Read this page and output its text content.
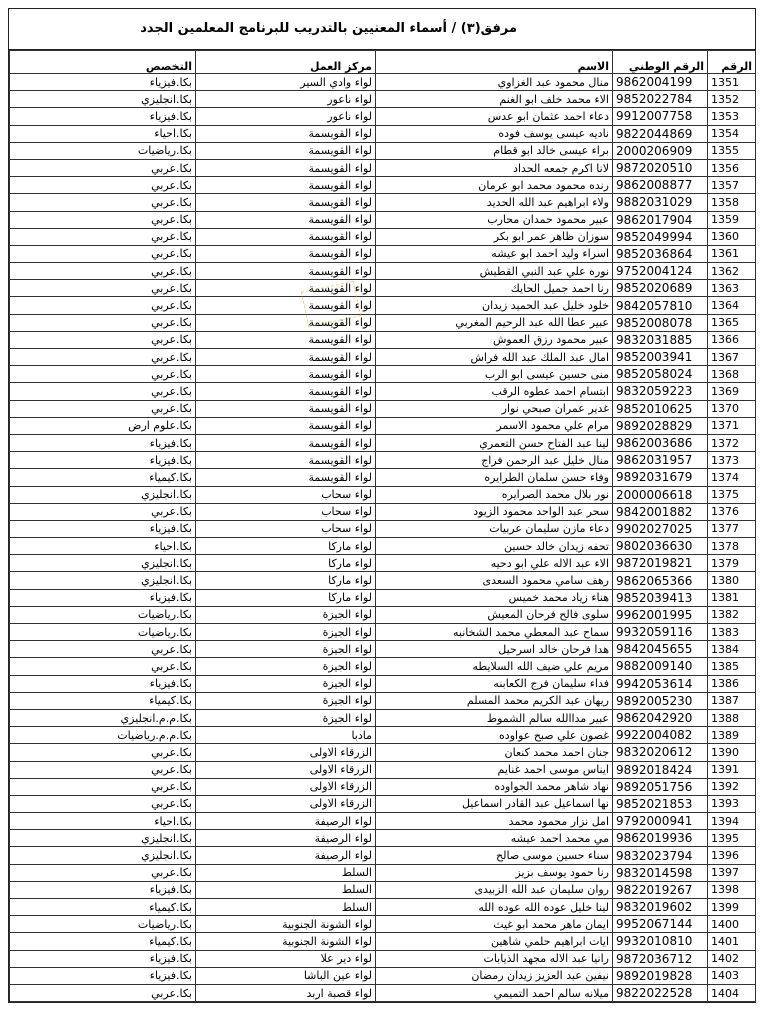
مرفق(٣) / أسماء المعنيين بالتدريب للبرنامج المعلمين الجدد
الرقم	الرقم الوطني	الاسم	مركز العمل	التخصص
1351	9862004199	منال محمود عبد الغزاوي	لواء وادي السير	بكا.فيزياء
1352	9852022784	الاء محمد خلف ابو الغنم	لواء ناعور	بكا.انجليزي
1353	9912007758	دعاء احمد عثمان ابو عدس	لواء ناعور	بكا.فيزياء
1354	9822044869	ناديه عيسى يوسف فوده	لواء القويسمة	بكا.احياء
1355	2000206909	براء عيسى خالد ابو قطام	لواء القويسمة	بكا.رياضيات
1356	9872020510	لانا اكرم جمعه الحداد	لواء القويسمة	بكا.عربي
1357	9862008877	رنده محمود محمد ابو عرمان	لواء القويسمة	بكا.عربي
1358	9882031029	ولاء ابراهيم عبد الله الحديد	لواء القويسمة	بكا.عربي
1359	9862017904	عبير محمود حمدان محارب	لواء القويسمة	بكا.عربي
1360	9852049994	سوزان ظاهر عمر ابو بكر	لواء القويسمة	بكا.عربي
1361	9852036864	اسراء وليد احمد ابو عيشه	لواء القويسمة	بكا.عربي
1362	9752004124	نوره علي عبد النبي القطيش	لواء القويسمة	بكا.عربي
1363	9852020689	رنا احمد جميل الحايك	لواء القويسمة	بكا.عربي
1364	9842057810	خلود خليل عبد الحميد زيدان	لواء القويسمة	بكا.عربي
1365	9852008078	عبير عطا الله عبد الرحيم المغربي	لواء القويسمة	بكا.عربي
1366	9832031885	عبير محمود رزق العموش	لواء القويسمة	بكا.عربي
1367	9852003941	امال عبد الملك عبد الله فراش	لواء القويسمة	بكا.عربي
1368	9852058024	منى حسين عيسى ابو الرب	لواء القويسمة	بكا.عربي
1369	9832059223	ابتسام احمد عطوه الرقب	لواء القويسمة	بكا.عربي
1370	9852010625	غدير عمران صبحي نوار	لواء القويسمة	بكا.عربي
1371	9892028829	مرام علي محمود الاسمر	لواء القويسمة	بكا.علوم ارض
1372	9862003686	لينا عبد الفتاح حسن التعمري	لواء القويسمة	بكا.فيزياء
1373	9862031957	منال خليل عبد الرحمن فراج	لواء القويسمة	بكا.فيزياء
1374	9892031679	وفاء حسن سلمان الطرايره	لواء القويسمة	بكا.كيمياء
1375	2000006618	نور بلال محمد الصرايره	لواء سحاب	بكا.انجليزي
1376	9842001882	سحر عبد الواحد محمود الزيود	لواء سحاب	بكا.عربي
1377	9902027025	دعاء مازن سليمان عربيات	لواء سحاب	بكا.فيزياء
1378	9802036630	تحفه زيدان خالد حسين	لواء ماركا	بكا.احياء
1379	9872019821	الاء عبد الاله علي ابو دحيه	لواء ماركا	بكا.انجليزي
1380	9862065366	رهف سامي محمود السعدى	لواء ماركا	بكا.انجليزي
1381	9852039413	هناء زياد محمد خميس	لواء ماركا	بكا.فيزياء
1382	9962001995	سلوى فالح فرحان المعيش	لواء الجيزة	بكا.رياضيات
1383	9932059116	سماح عبد المعطي محمد الشخانبه	لواء الجيزة	بكا.رياضيات
1384	9842045655	هدا فرحان خالد اسرحيل	لواء الجيزة	بكا.عربي
1385	9882009140	مريم علي ضيف الله السلايطه	لواء الجيزة	بكا.عربي
1386	9942053614	فداء سليمان فرج الكعابنه	لواء الجيزة	بكا.فيزياء
1387	9892005230	ريهان عبد الكريم محمد المسلم	لواء الجيزة	بكا.كيمياء
1388	9862042920	عبير مداالله سالم الشموط	لواء الجيزة	بكا.م.م.انجليزي
1389	9922004082	غصون علي صبح عواوده	مادبا	بكا.م.م.رياضيات
1390	9832020612	جنان احمد محمد كنعان	الزرقاء الاولى	بكا.عربي
1391	9892018424	ايناس موسى احمد غنايم	الزرقاء الاولى	بكا.عربي
1392	9892051756	نهاد شاهر محمد الجواوده	الزرقاء الاولى	بكا.عربي
1393	9852021853	نها اسماعيل عبد القادر اسماعيل	الزرقاء الاولى	بكا.عربي
1394	9792000941	امل نزار محمود محمد	لواء الرصيفة	بكا.احياء
1395	9862019936	مي محمد احمد عيشه	لواء الرصيفة	بكا.انجليزي
1396	9832023794	سناء حسين موسى صالح	لواء الرصيفة	بكا.انجليزي
1397	9832014598	رنا حمود يوسف بزيز	السلط	بكا.عربي
1398	9822019267	روان سليمان عبد الله الزبيدى	السلط	بكا.فيزياء
1399	9832019602	لينا خليل عوده الله عوده الله	السلط	بكا.كيمياء
1400	9952067144	ايمان ماهر محمد ابو غيث	لواء الشونة الجنوبية	بكا.رياضيات
1401	9932010810	ايات ابراهيم حلمي شاهين	لواء الشونة الجنوبية	بكا.كيمياء
1402	9872036712	رانيا عبد الاله مجهد الذيابات	لواء دير علا	بكا.فيزياء
1403	9892019828	نيفين عبد العزيز زيدان رمضان	لواء عين الباشا	بكا.فيزياء
1404	9822022528	ميلانه سالم احمد التميمي	لواء قصبة اربد	بكا.عربي
